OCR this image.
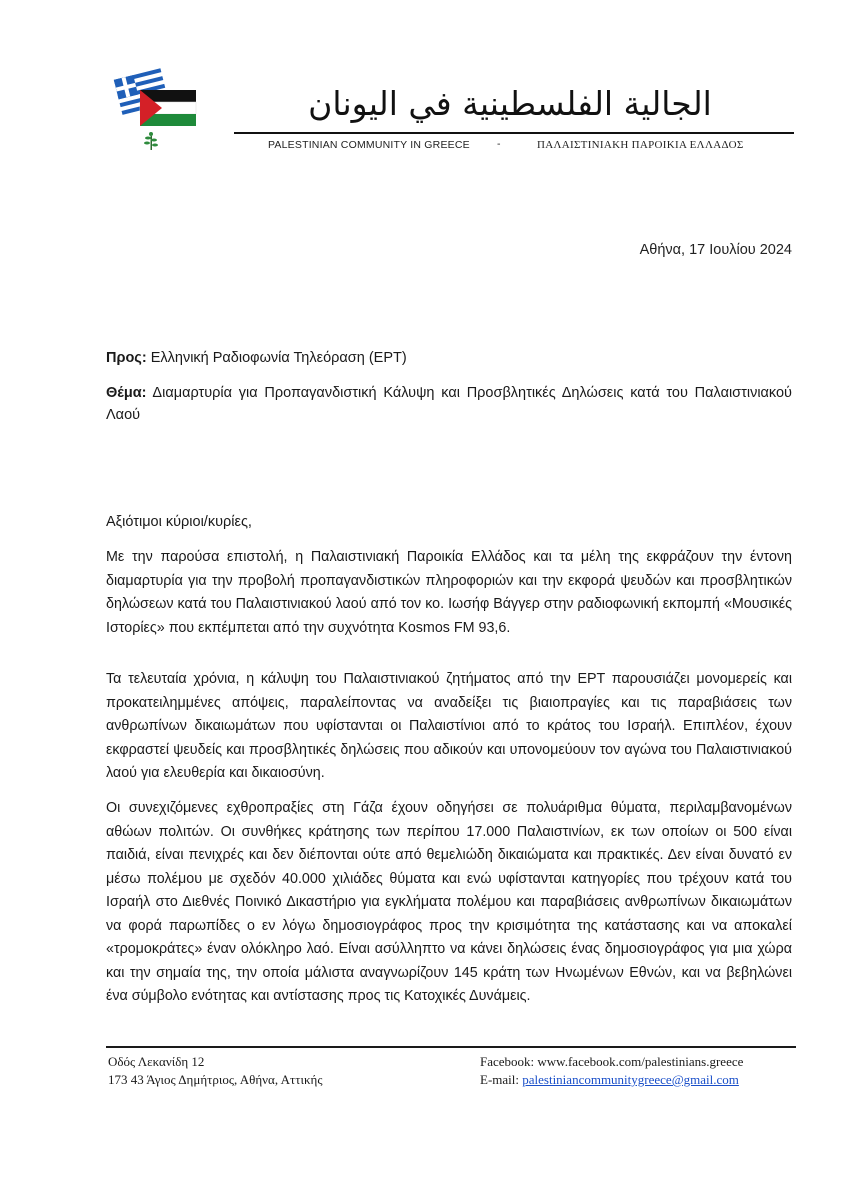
الجالية الفلسطينية في اليونان
PALESTINIAN COMMUNITY IN GREECE	-	ΠΑΛΑΙΣΤΙΝΙΑΚΗ ΠΑΡΟΙΚΙΑ ΕΛΛΑΔΟΣ
Αθήνα, 17 Ιουλίου 2024
Προς: Ελληνική Ραδιοφωνία Τηλεόραση (ΕΡΤ)
Θέμα: Διαμαρτυρία για Προπαγανδιστική Κάλυψη και Προσβλητικές Δηλώσεις κατά του Παλαιστινιακού Λαού
Αξιότιμοι κύριοι/κυρίες,

Με την παρούσα επιστολή, η Παλαιστινιακή Παροικία Ελλάδος και τα μέλη της εκφράζουν την έντονη διαμαρτυρία για την προβολή προπαγανδιστικών πληροφοριών και την εκφορά ψευδών και προσβλητικών δηλώσεων κατά του Παλαιστινιακού λαού από τον κο. Ιωσήφ Βάγγερ στην ραδιοφωνική εκπομπή «Μουσικές Ιστορίες» που εκπέμπεται από την συχνότητα Kosmos FM 93,6.

Τα τελευταία χρόνια, η κάλυψη του Παλαιστινιακού ζητήματος από την ΕΡΤ παρουσιάζει μονομερείς και προκατειλημμένες απόψεις, παραλείποντας να αναδείξει τις βιαιοπραγίες και τις παραβιάσεις των ανθρωπίνων δικαιωμάτων που υφίστανται οι Παλαιστίνιοι από το κράτος του Ισραήλ. Επιπλέον, έχουν εκφραστεί ψευδείς και προσβλητικές δηλώσεις που αδικούν και υπονομεύουν τον αγώνα του Παλαιστινιακού λαού για ελευθερία και δικαιοσύνη.

Οι συνεχιζόμενες εχθροπραξίες στη Γάζα έχουν οδηγήσει σε πολυάριθμα θύματα, περιλαμβανομένων αθώων πολιτών. Οι συνθήκες κράτησης των περίπου 17.000 Παλαιστινίων, εκ των οποίων οι 500 είναι παιδιά, είναι πενιχρές και δεν διέπονται ούτε από θεμελιώδη δικαιώματα και πρακτικές. Δεν είναι δυνατό εν μέσω πολέμου με σχεδόν 40.000 χιλιάδες θύματα και ενώ υφίστανται κατηγορίες που τρέχουν κατά του Ισραήλ στο Διεθνές Ποινικό Δικαστήριο για εγκλήματα πολέμου και παραβιάσεις ανθρωπίνων δικαιωμάτων να φορά παρωπίδες ο εν λόγω δημοσιογράφος προς την κρισιμότητα της κατάστασης και να αποκαλεί «τρομοκράτες» έναν ολόκληρο λαό. Είναι ασύλληπτο να κάνει δηλώσεις ένας δημοσιογράφος για μια χώρα και την σημαία της, την οποία μάλιστα αναγνωρίζουν 145 κράτη των Ηνωμένων Εθνών, και να βεβηλώνει ένα σύμβολο ενότητας και αντίστασης προς τις Κατοχικές Δυνάμεις.

Οδός Λεκανίδη 12
173 43 Άγιος Δημήτριος, Αθήνα, Αττικής
Facebook: www.facebook.com/palestinians.greece
E-mail: palestiniancommunitygreece@gmail.com
